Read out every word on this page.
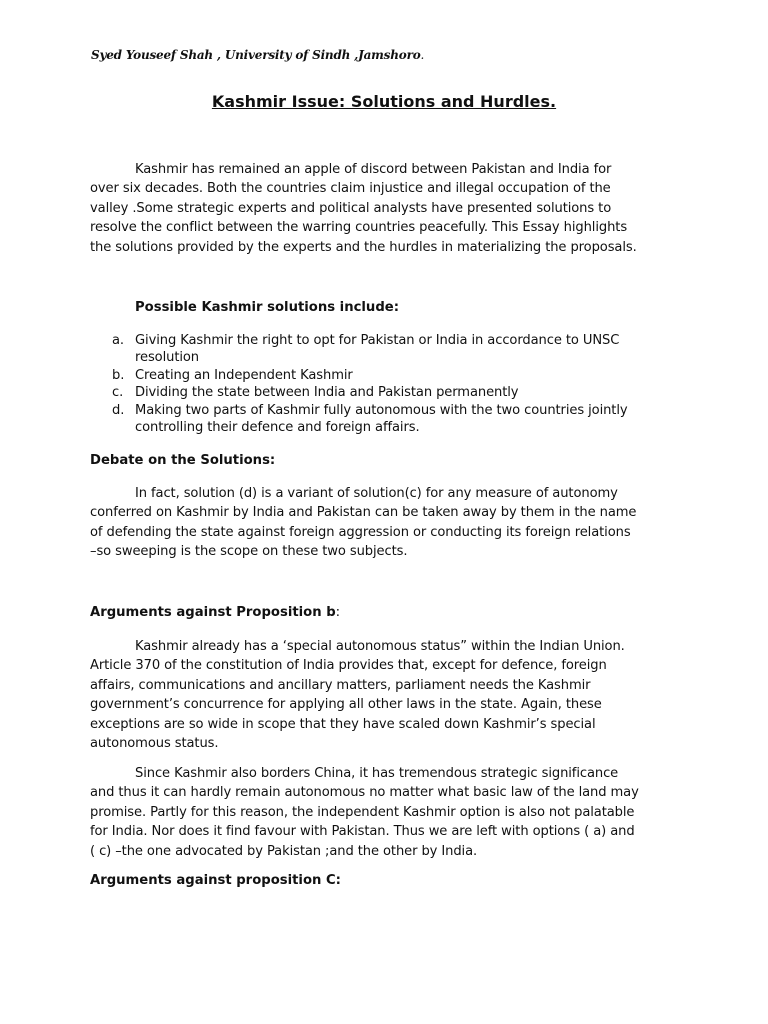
Syed Youseef Shah , University of Sindh ,Jamshoro.
Kashmir Issue: Solutions and Hurdles.
Kashmir has remained an apple of discord between Pakistan and India for
over six decades. Both the countries claim injustice and illegal occupation of the
valley .Some strategic experts and political analysts have presented solutions to
resolve the conflict between the warring countries peacefully. This Essay highlights
the solutions provided by the experts and the hurdles in materializing the proposals.
Possible Kashmir solutions include:
a. Giving Kashmir the right to opt for Pakistan or India in accordance to UNSC
resolution
b. Creating an Independent Kashmir
c. Dividing the state between India and Pakistan permanently
d. Making two parts of Kashmir fully autonomous with the two countries jointly
controlling their defence and foreign affairs.
Debate on the Solutions:
In fact, solution (d) is a variant of solution(c) for any measure of autonomy
conferred on Kashmir by India and Pakistan can be taken away by them in the name
of defending the state against foreign aggression or conducting its foreign relations
–so sweeping is the scope on these two subjects.
Arguments against Proposition b:
Kashmir already has a ‘special autonomous status” within the Indian Union.
Article 370 of the constitution of India provides that, except for defence, foreign
affairs, communications and ancillary matters, parliament needs the Kashmir
government’s concurrence for applying all other laws in the state. Again, these
exceptions are so wide in scope that they have scaled down Kashmir’s special
autonomous status.
Since Kashmir also borders China, it has tremendous strategic significance
and thus it can hardly remain autonomous no matter what basic law of the land may
promise. Partly for this reason, the independent Kashmir option is also not palatable
for India. Nor does it find favour with Pakistan. Thus we are left with options ( a) and
( c) –the one advocated by Pakistan ;and the other by India.
Arguments against proposition C:
